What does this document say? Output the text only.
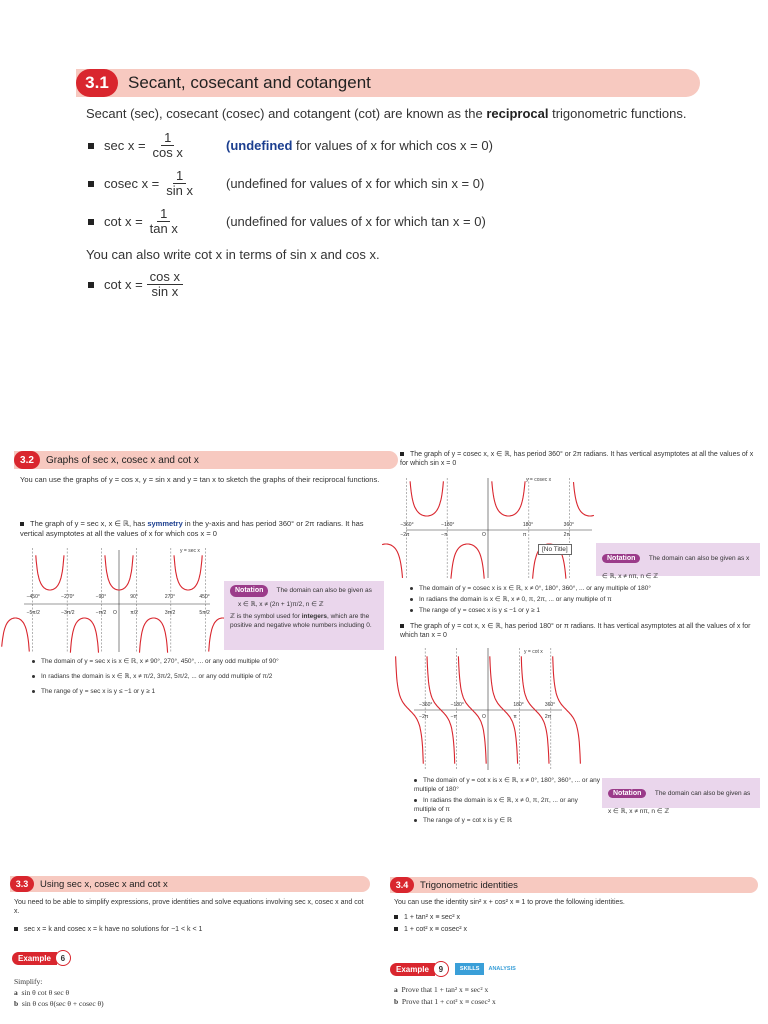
3.1	Secant, cosecant and cotangent
Secant (sec), cosecant (cosec) and cotangent (cot) are known as the reciprocal trigonometric functions.
$\sec x = \frac{1}{\text{cos x}}$	(undefined for values of x for which cos x = 0)
cosec $x = \frac{1}{\text{sin x}}$ (undefined for values of x for which sin x = 0)
$\cot x = \frac{1}{\text{tan x}}$	(undefined for values of x for which tan x = 0)
You can also write cot x in terms of sin x and cos x.
$\cot x = \frac{\text{cos x}}{\text{sin x}}$
3.2	Graphs of sec x, cosec x and cot x
You can use the graphs of y = cos x, y = sin x and y = tan x to sketch the graphs of their reciprocal functions.
The graph of y = sec x, x ∈ ℝ, has symmetry in the y-axis and has period 360° or 2π radians. It has vertical asymptotes at all the values of x for which cos x = 0
y = sec x
−450°	−270°	−90°	90°	270°	450°
−5π/2	−3π/2	−π/2 O	π/2	3π/2	5π/2
Notation The domain can also be given as
x ∈ ℝ, x ≠ (2n + 1)π/2, n ∈ ℤ
ℤ is the symbol used for integers, which are the positive and negative whole numbers including 0.
The domain of y = sec x is x ∈ ℝ, x ≠ 90°, 270°, 450°, ... or any odd multiple of 90°
In radians the domain is x ∈ ℝ, x ≠ π/2, 3π/2, 5π/2, ... or any odd multiple of π/2
The range of y = sec x is y ≤ −1 or y ≥ 1
The graph of y = cosec x, x ∈ ℝ, has period 360° or 2π radians. It has vertical asymptotes at all the values of x for which sin x = 0
y = cosec x
−360°	−180°	180°	360°
−2π	−π	O	π	2π
[No Title]
Notation The domain can also be given as x ∈ ℝ, x ≠ nπ, n ∈ ℤ
The domain of y = cosec x is x ∈ ℝ, x ≠ 0°, 180°, 360°, ... or any multiple of 180°
In radians the domain is x ∈ ℝ, x ≠ 0, π, 2π, ... or any multiple of π
The range of y = cosec x is y ≤ −1 or y ≥ 1
The graph of y = cot x, x ∈ ℝ, has period 180° or π radians. It has vertical asymptotes at all the values of x for which tan x = 0
y = cot x
−360°	−180°	180°	360°
−2π	−π	O	π	2π
The domain of y = cot x is x ∈ ℝ, x ≠ 0°, 180°, 360°, ... or any multiple of 180°
In radians the domain is x ∈ ℝ, x ≠ 0, π, 2π, ... or any multiple of π
The range of y = cot x is y ∈ ℝ
Notation The domain can also be given as x ∈ ℝ, x ≠ nπ, n ∈ ℤ
3.3	Using sec x, cosec x and cot x
You need to be able to simplify expressions, prove identities and solve equations involving sec x, cosec x and cot x.
sec x = k and cosec x = k have no solutions for −1 < k < 1
Example	6
Simplify:
a sin θ cot θ sec θ
b sin θ cos θ(sec θ + cosec θ)
3.4	Trigonometric identities
You can use the identity sin² x + cos² x ≡ 1 to prove the following identities.
1 + tan² x ≡ sec² x
1 + cot² x ≡ cosec² x
Example	9	SKILLS	ANALYSIS
a Prove that 1 + tan² x ≡ sec² x
b Prove that 1 + cot² x ≡ cosec² x
